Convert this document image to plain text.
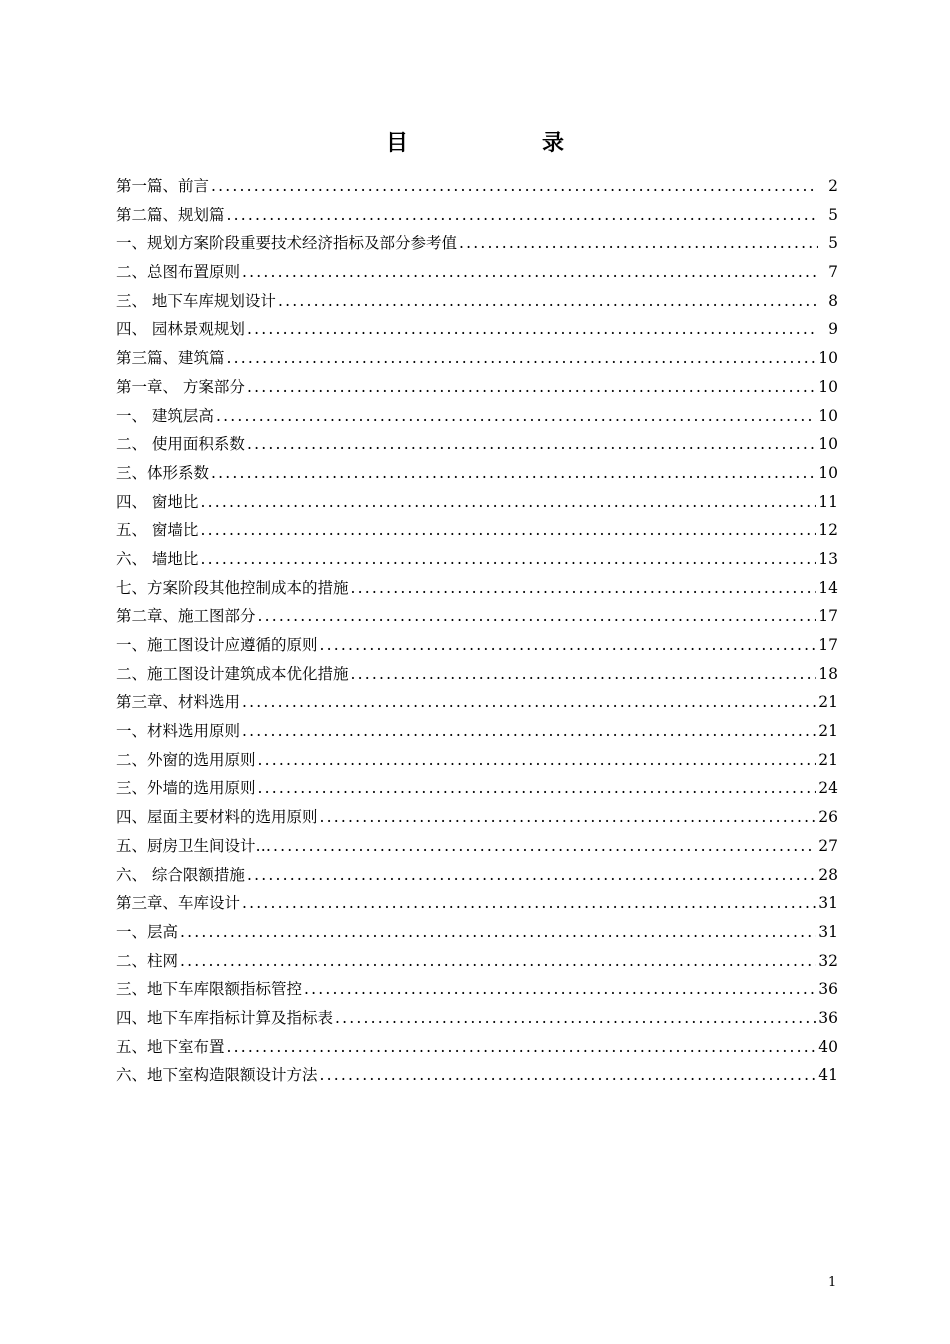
目　录
第一篇、前言 .....	2
第二篇、规划篇 .....	5
一、规划方案阶段重要技术经济指标及部分参考值 .....	5
二、总图布置原则 .....	7
三、 地下车库规划设计 .....	8
四、 园林景观规划 .....	9
第三篇、建筑篇 .....	10
第一章、 方案部分 .....	10
一、 建筑层高 .....	10
二、 使用面积系数 .....	10
三、体形系数 .....	10
四、 窗地比 .....	11
五、 窗墙比 .....	12
六、 墙地比 .....	13
七、方案阶段其他控制成本的措施 .....	14
第二章、施工图部分 .....	17
一、施工图设计应遵循的原则 .....	17
二、施工图设计建筑成本优化措施 .....	18
第三章、材料选用 .....	21
一、材料选用原则 .....	21
二、外窗的选用原则 .....	21
三、外墙的选用原则 .....	24
四、屋面主要材料的选用原则 .....	26
五、厨房卫生间设计… .....	27
六、 综合限额措施 .....	28
第三章、车库设计 .....	31
一、层高 .....	31
二、柱网 .....	32
三、地下车库限额指标管控 .....	36
四、地下车库指标计算及指标表 .....	36
五、地下室布置 .....	40
六、地下室构造限额设计方法 .....	41
1
